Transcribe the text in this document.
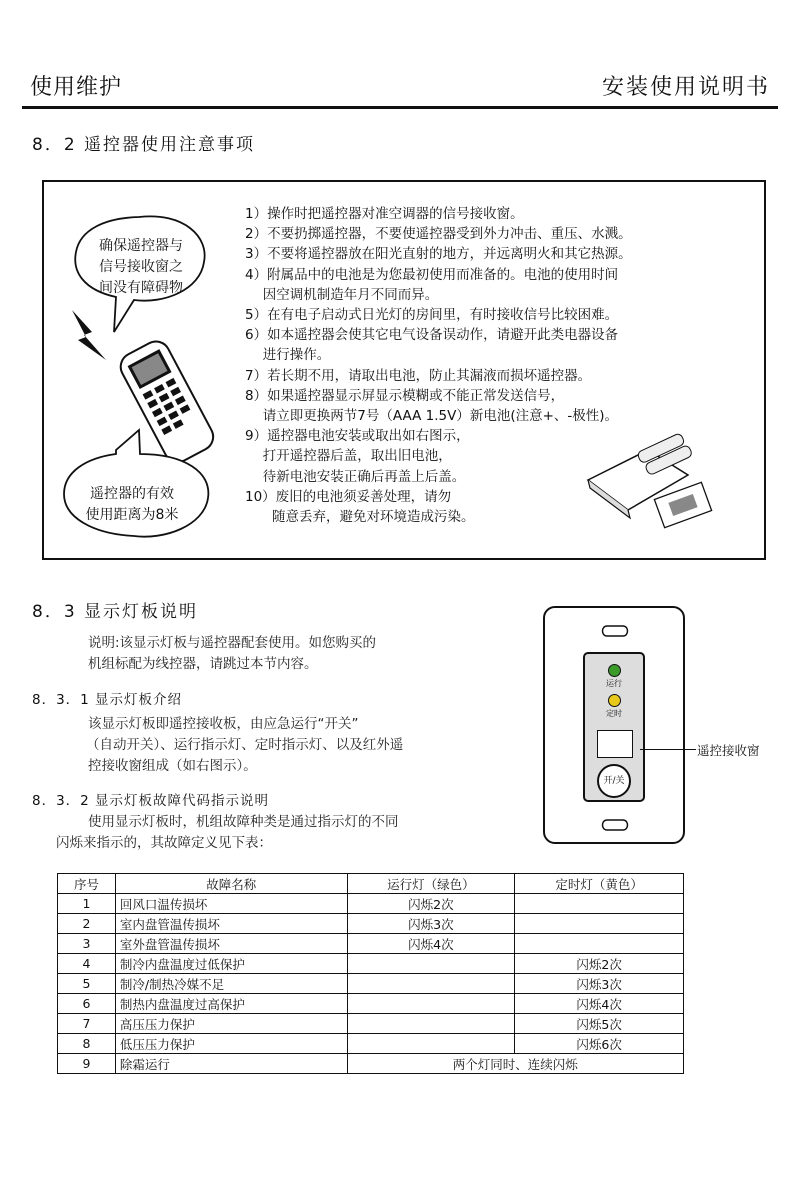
使用维护	安装使用说明书
8．2 遥控器使用注意事项
确保遥控器与
信号接收窗之
间没有障碍物
遥控器的有效
使用距离为8米
1）操作时把遥控器对准空调器的信号接收窗。
2）不要扔掷遥控器，不要使遥控器受到外力冲击、重压、水溅。
3）不要将遥控器放在阳光直射的地方，并远离明火和其它热源。
4）附属品中的电池是为您最初使用而准备的。电池的使用时间
　 因空调机制造年月不同而异。
5）在有电子启动式日光灯的房间里，有时接收信号比较困难。
6）如本遥控器会使其它电气设备误动作，请避开此类电器设备
　 进行操作。
7）若长期不用，请取出电池，防止其漏液而损坏遥控器。
8）如果遥控器显示屏显示模糊或不能正常发送信号，
　 请立即更换两节7号（AAA 1.5V）新电池(注意+、-极性)。
9）遥控器电池安装或取出如右图示，
　 打开遥控器后盖，取出旧电池，
　 待新电池安装正确后再盖上后盖。
10）废旧的电池须妥善处理，请勿
　　随意丢弃，避免对环境造成污染。
8．3 显示灯板说明
说明:该显示灯板与遥控器配套使用。如您购买的
机组标配为线控器，请跳过本节内容。
8．3．1 显示灯板介绍
该显示灯板即遥控接收板，由应急运行“开关”
（自动开关）、运行指示灯、定时指示灯、以及红外遥
控接收窗组成（如右图示）。
8．3．2 显示灯板故障代码指示说明
使用显示灯板时，机组故障种类是通过指示灯的不同
闪烁来指示的，其故障定义见下表：
运行
定时
开/关
遥控接收窗
序号	故障名称	运行灯（绿色）	定时灯（黄色）
1	回风口温传损坏	闪烁2次	
2	室内盘管温传损坏	闪烁3次	
3	室外盘管温传损坏	闪烁4次	
4	制冷内盘温度过低保护		闪烁2次
5	制冷/制热冷媒不足		闪烁3次
6	制热内盘温度过高保护		闪烁4次
7	高压压力保护		闪烁5次
8	低压压力保护		闪烁6次
9	除霜运行	两个灯同时、连续闪烁	
